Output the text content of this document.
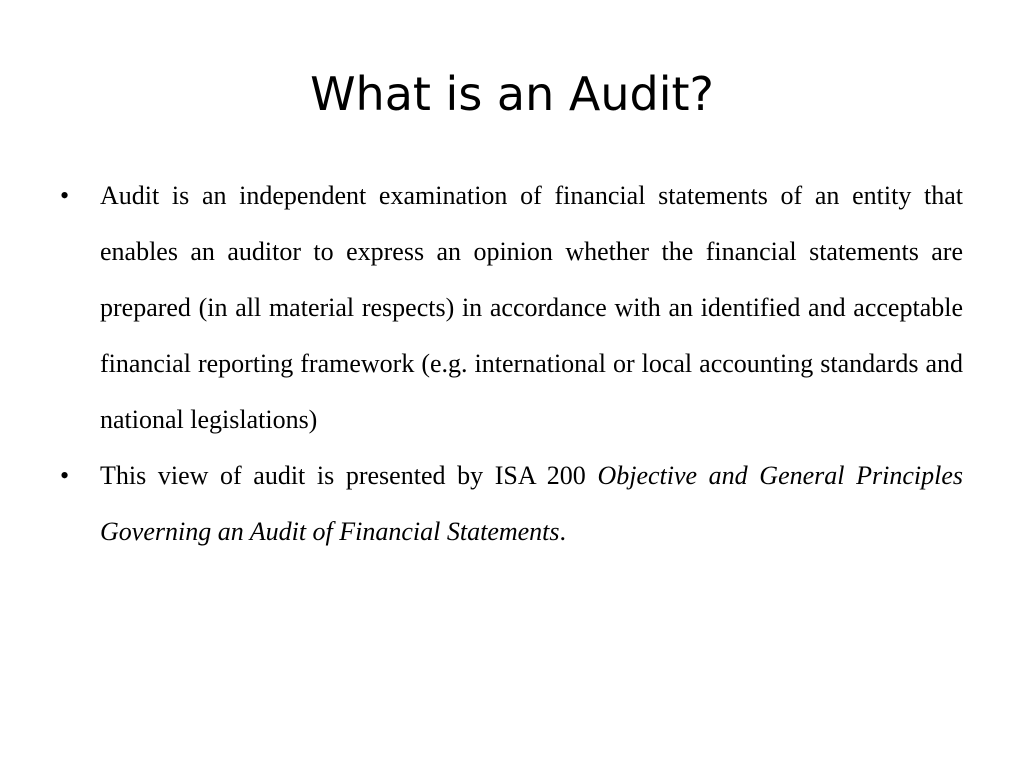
What is an Audit?
• Audit is an independent examination of financial statements of an entity that enables an auditor to express an opinion whether the financial statements are prepared (in all material respects) in accordance with an identified and acceptable financial reporting framework (e.g. international or local accounting standards and national legislations)
• This view of audit is presented by ISA 200 Objective and General Principles Governing an Audit of Financial Statements.
